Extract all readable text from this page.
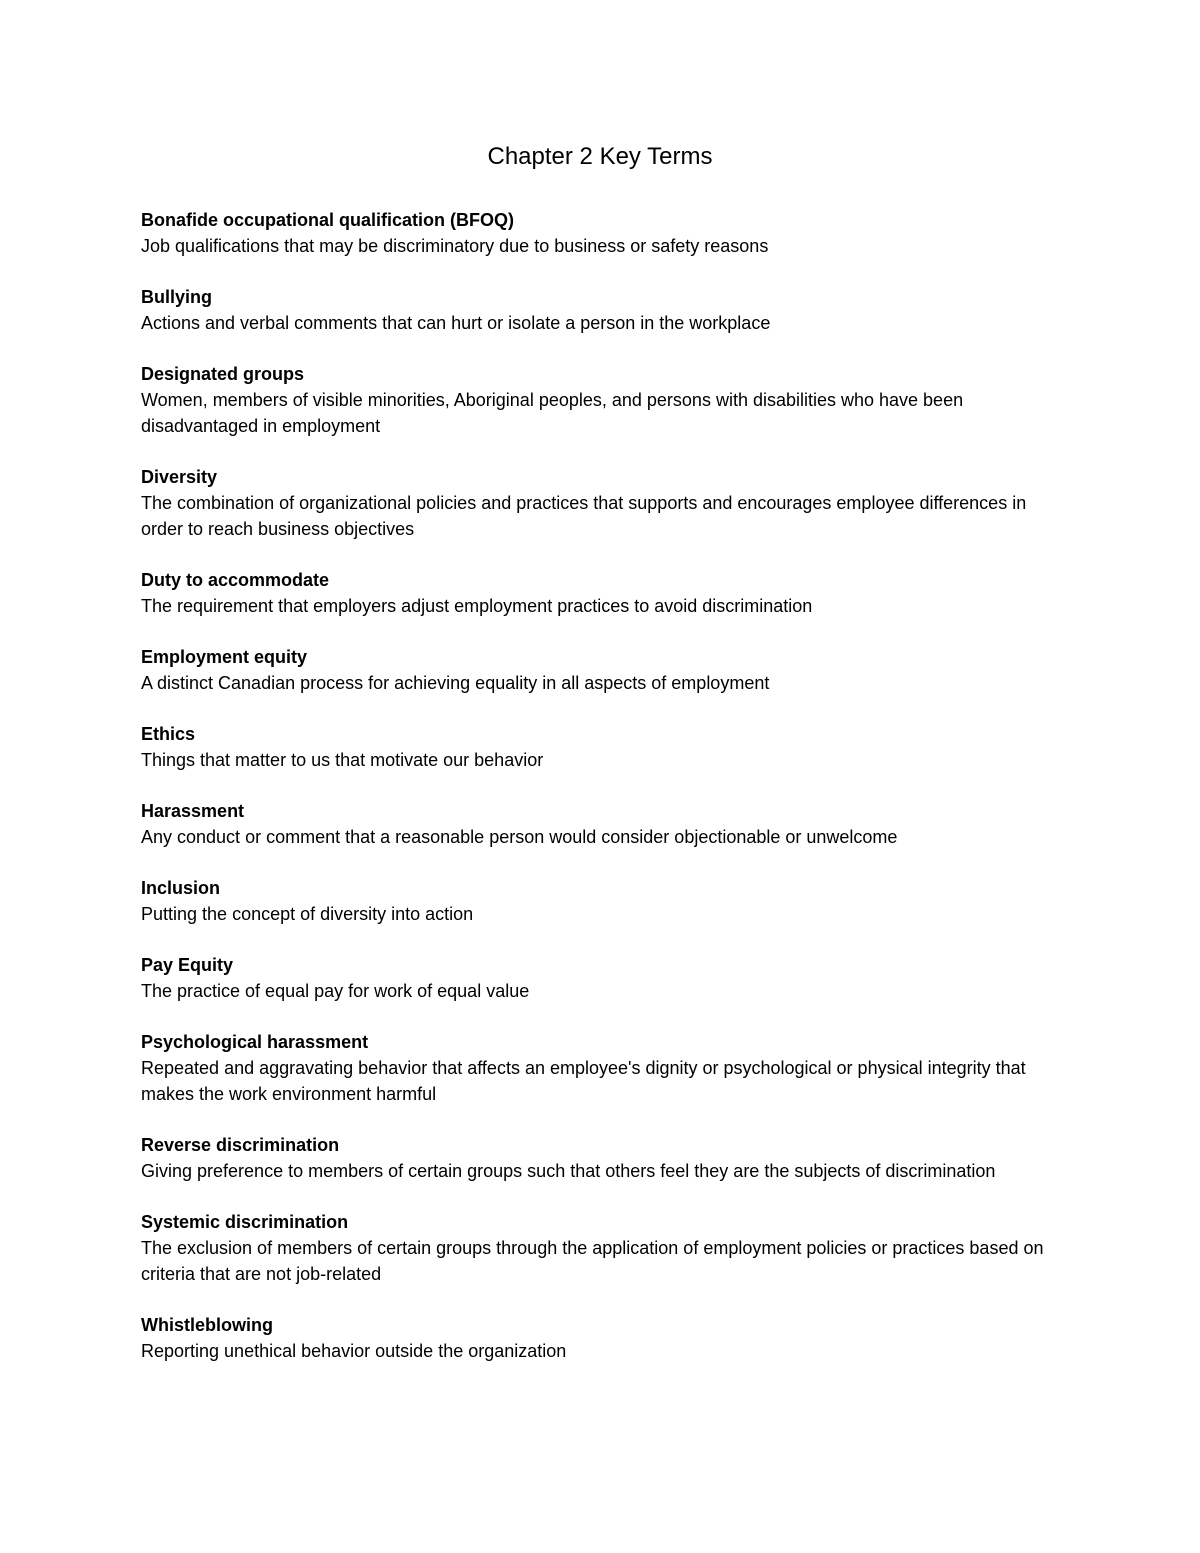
Chapter 2 Key Terms

Bonafide occupational qualification (BFOQ)

Job qualifications that may be discriminatory due to business or safety reasons

Bullying

Actions and verbal comments that can hurt or isolate a person in the workplace

Designated groups

Women, members of visible minorities, Aboriginal peoples, and persons with disabilities who have been disadvantaged in employment

Diversity

The combination of organizational policies and practices that supports and encourages employee differences in order to reach business objectives

Duty to accommodate

The requirement that employers adjust employment practices to avoid discrimination

Employment equity

A distinct Canadian process for achieving equality in all aspects of employment

Ethics

Things that matter to us that motivate our behavior

Harassment

Any conduct or comment that a reasonable person would consider objectionable or unwelcome

Inclusion

Putting the concept of diversity into action

Pay Equity

The practice of equal pay for work of equal value

Psychological harassment

Repeated and aggravating behavior that affects an employee's dignity or psychological or physical integrity that makes the work environment harmful

Reverse discrimination

Giving preference to members of certain groups such that others feel they are the subjects of discrimination

Systemic discrimination

The exclusion of members of certain groups through the application of employment policies or practices based on criteria that are not job-related

Whistleblowing

Reporting unethical behavior outside the organization
